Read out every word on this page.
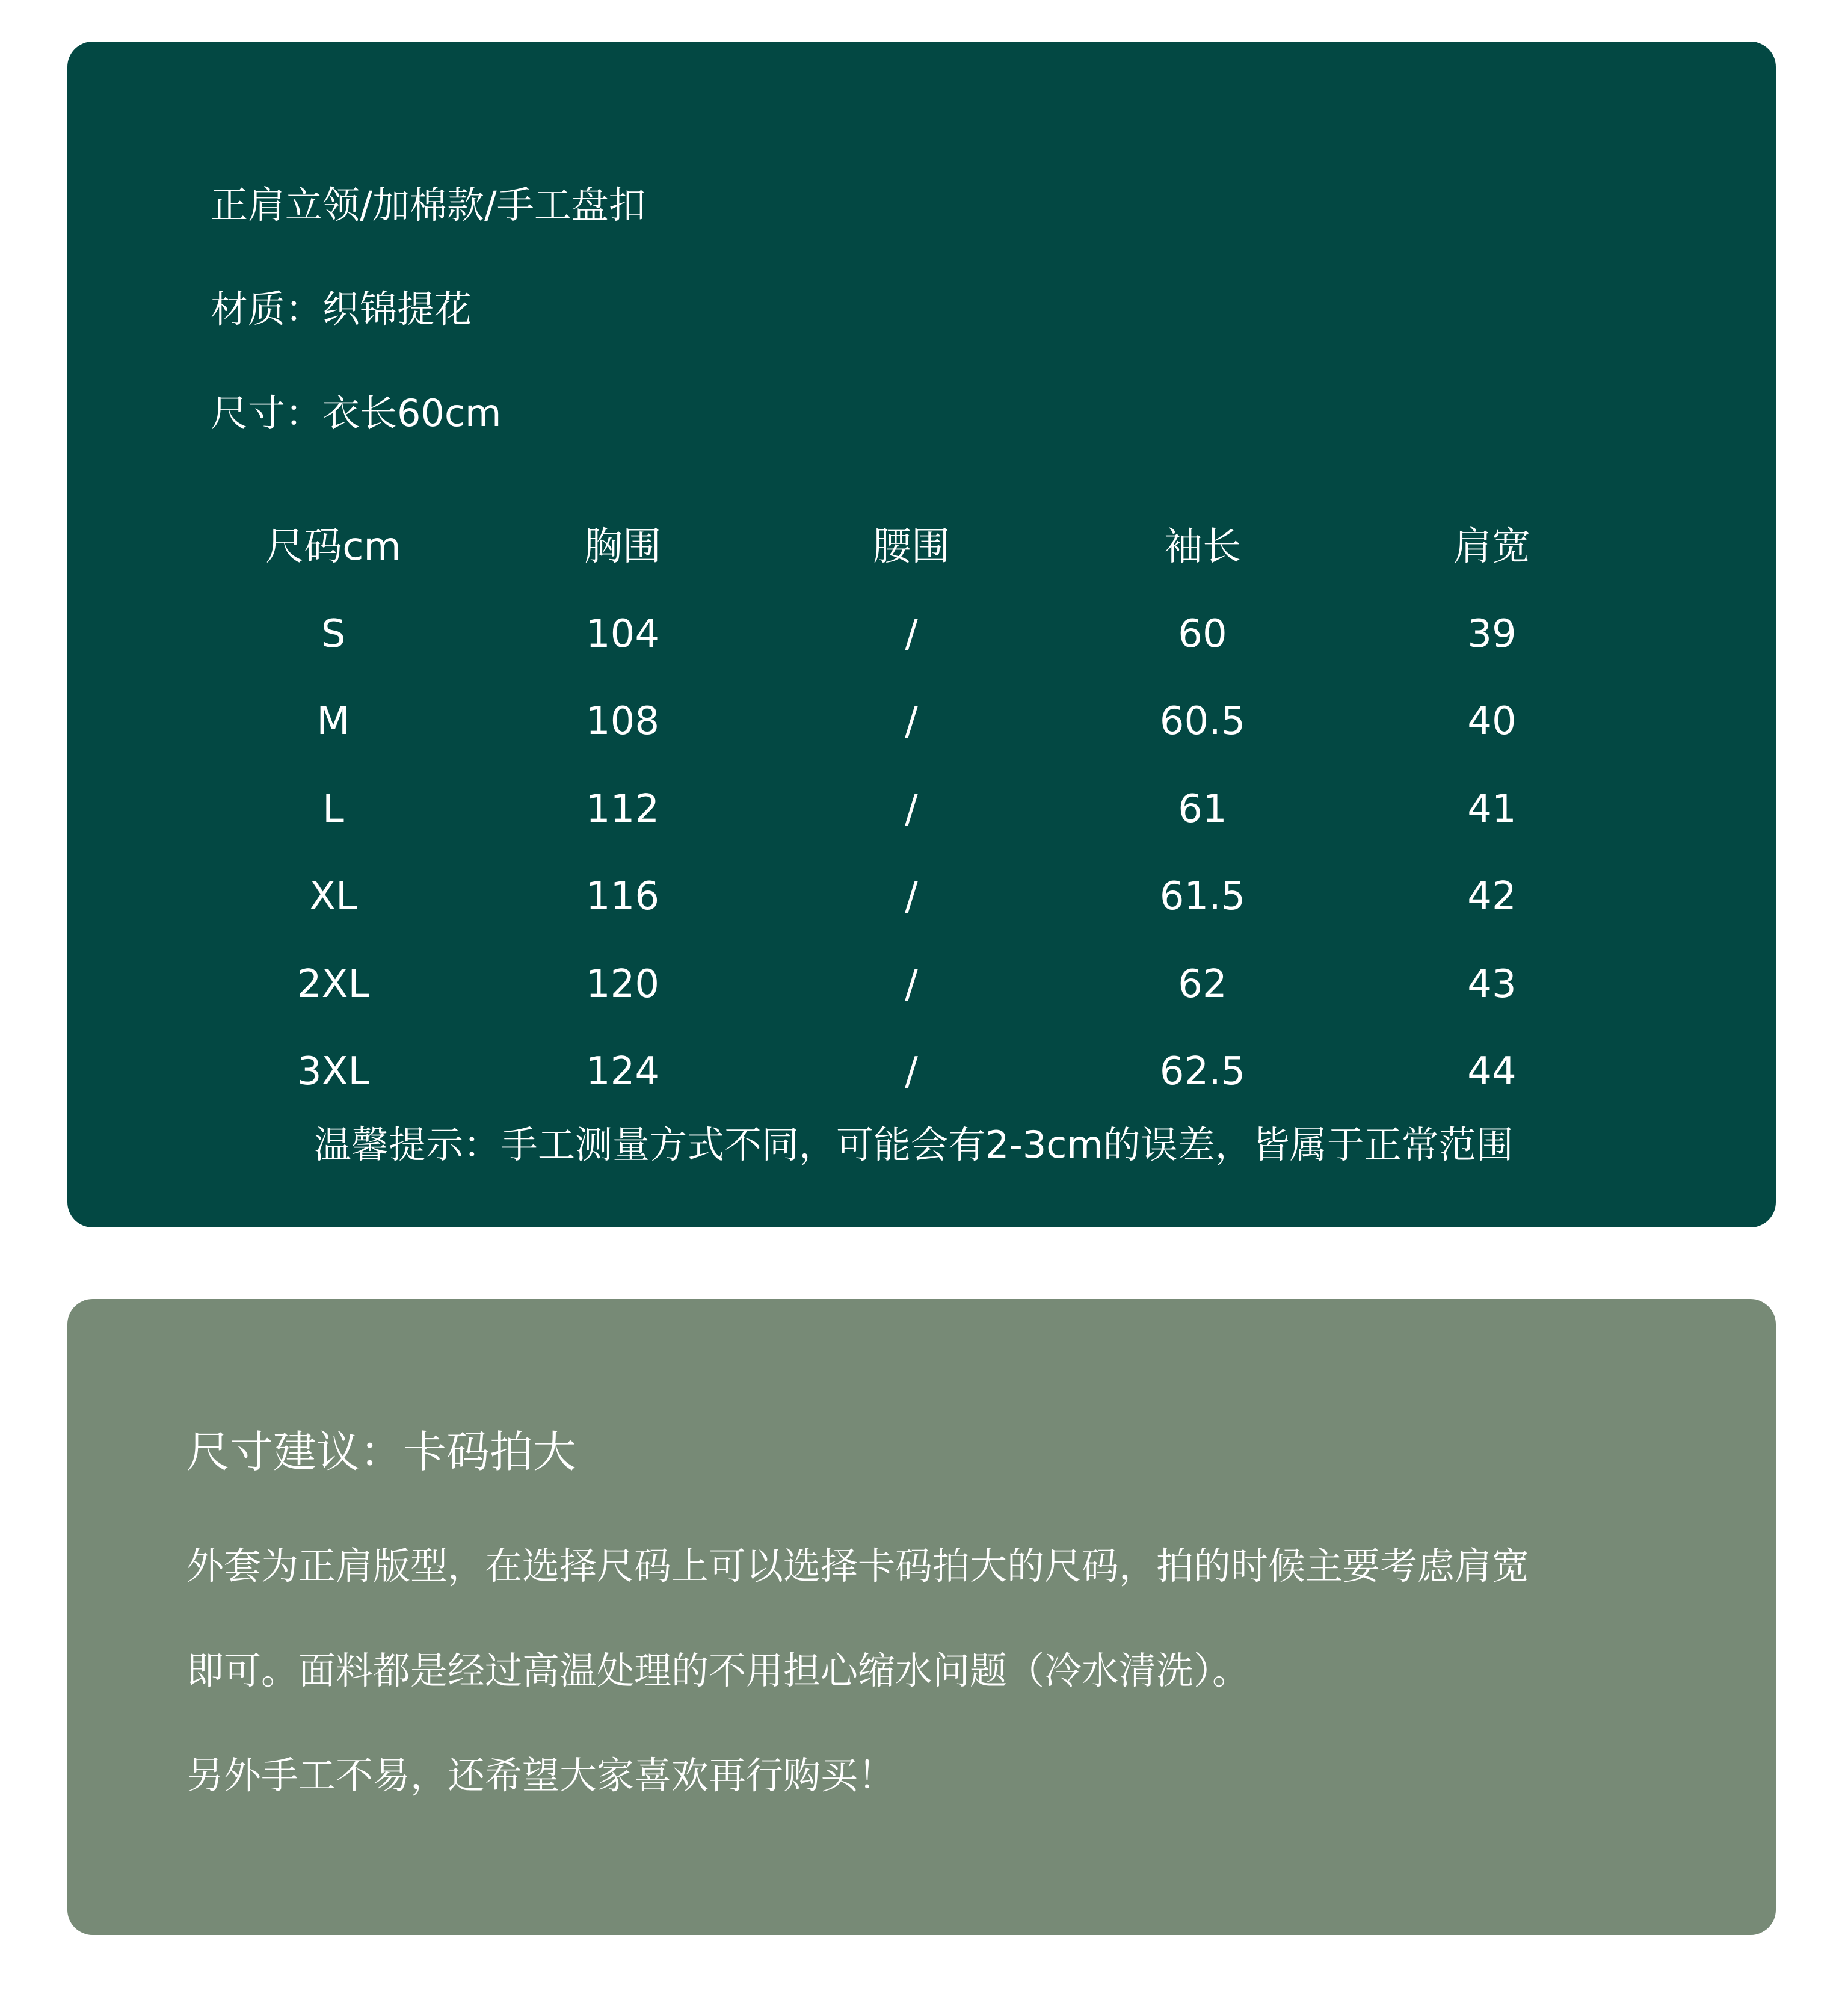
正肩立领/加棉款/手工盘扣
材质：织锦提花
尺寸：衣长60cm
尺码cm	胸围	腰围	袖长	肩宽
S	104	/	60	39
M	108	/	60.5	40
L	112	/	61	41
XL	116	/	61.5	42
2XL	120	/	62	43
3XL	124	/	62.5	44
温馨提示：手工测量方式不同，可能会有2-3cm的误差，皆属于正常范围
尺寸建议：卡码拍大
外套为正肩版型，在选择尺码上可以选择卡码拍大的尺码，拍的时候主要考虑肩宽
即可。面料都是经过高温处理的不用担心缩水问题（冷水清洗）。
另外手工不易，还希望大家喜欢再行购买！
